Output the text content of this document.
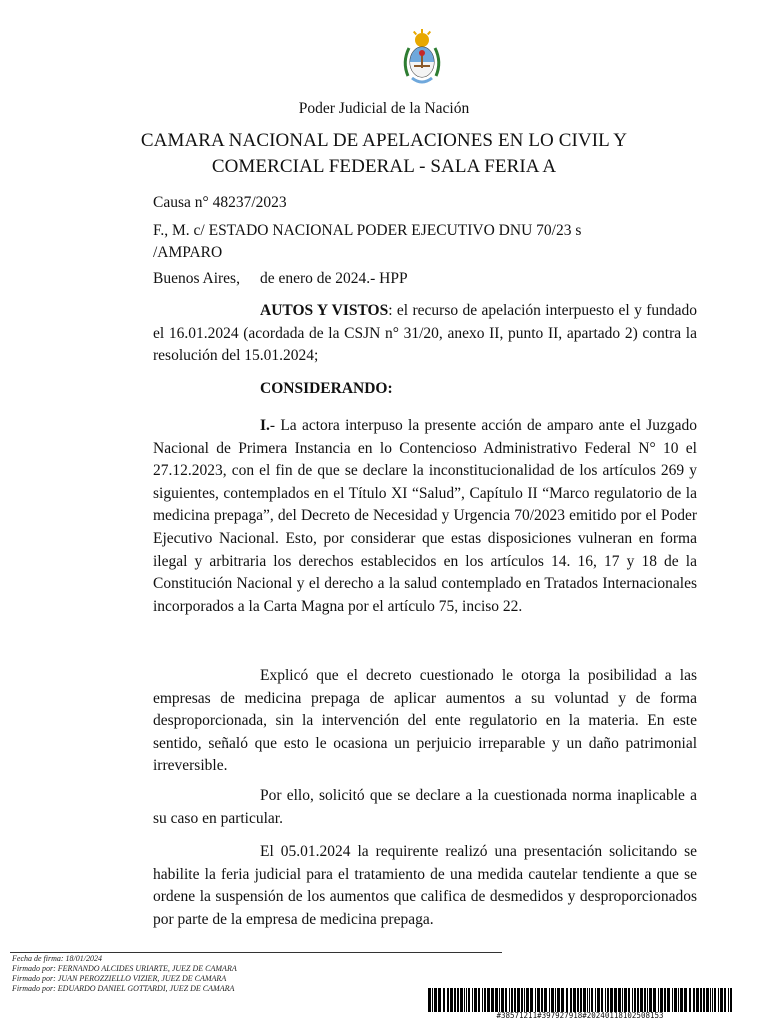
Poder Judicial de la Nación
CAMARA NACIONAL DE APELACIONES EN LO CIVIL Y
COMERCIAL FEDERAL - SALA FERIA A
Causa n° 48237/2023
F., M. c/ ESTADO NACIONAL PODER EJECUTIVO DNU 70/23 s /AMPARO
Buenos Aires, de enero de 2024.- HPP

AUTOS Y VISTOS: el recurso de apelación interpuesto el y fundado el 16.01.2024 (acordada de la CSJN n° 31/20, anexo II, punto II, apartado 2) contra la resolución del 15.01.2024;

CONSIDERANDO:

I.- La actora interpuso la presente acción de amparo ante el Juzgado Nacional de Primera Instancia en lo Contencioso Administrativo Federal N° 10 el 27.12.2023, con el fin de que se declare la inconstitucionalidad de los artículos 269 y siguientes, contemplados en el Título XI “Salud”, Capítulo II “Marco regulatorio de la medicina prepaga”, del Decreto de Necesidad y Urgencia 70/2023 emitido por el Poder Ejecutivo Nacional. Esto, por considerar que estas disposiciones vulneran en forma ilegal y arbitraria los derechos establecidos en los artículos 14. 16, 17 y 18 de la Constitución Nacional y el derecho a la salud contemplado en Tratados Internacionales incorporados a la Carta Magna por el artículo 75, inciso 22.

Explicó que el decreto cuestionado le otorga la posibilidad a las empresas de medicina prepaga de aplicar aumentos a su voluntad y de forma desproporcionada, sin la intervención del ente regulatorio en la materia. En este sentido, señaló que esto le ocasiona un perjuicio irreparable y un daño patrimonial irreversible.

Por ello, solicitó que se declare a la cuestionada norma inaplicable a su caso en particular.

El 05.01.2024 la requirente realizó una presentación solicitando se habilite la feria judicial para el tratamiento de una medida cautelar tendiente a que se ordene la suspensión de los aumentos que califica de desmedidos y desproporcionados por parte de la empresa de medicina prepaga.

Fecha de firma: 18/01/2024
Firmado por: FERNANDO ALCIDES URIARTE, JUEZ DE CAMARA
Firmado por: JUAN PEROZZIELLO VIZIER, JUEZ DE CAMARA
Firmado por: EDUARDO DANIEL GOTTARDI, JUEZ DE CAMARA
#38571211#397927918#20240118102508153
